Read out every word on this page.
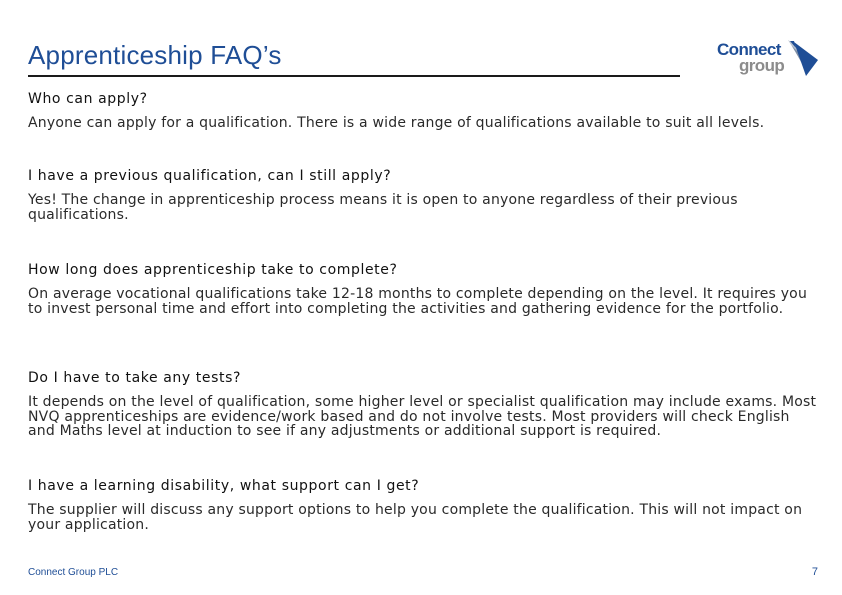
Apprenticeship FAQ’s	Connect
group
Who can apply?
Anyone can apply for a qualification. There is a wide range of qualifications available to suit all levels.
I have a previous qualification, can I still apply?
Yes! The change in apprenticeship process means it is open to anyone regardless of their previous qualifications.
How long does apprenticeship take to complete?
On average vocational qualifications take 12-18 months to complete depending on the level. It requires you to invest personal time and effort into completing the activities and gathering evidence for the portfolio.
Do I have to take any tests?
It depends on the level of qualification, some higher level or specialist qualification may include exams. Most NVQ apprenticeships are evidence/work based and do not involve tests. Most providers will check English and Maths level at induction to see if any adjustments or additional support is required.
I have a learning disability, what support can I get?
The supplier will discuss any support options to help you complete the qualification. This will not impact on your application.
Connect Group PLC	7
